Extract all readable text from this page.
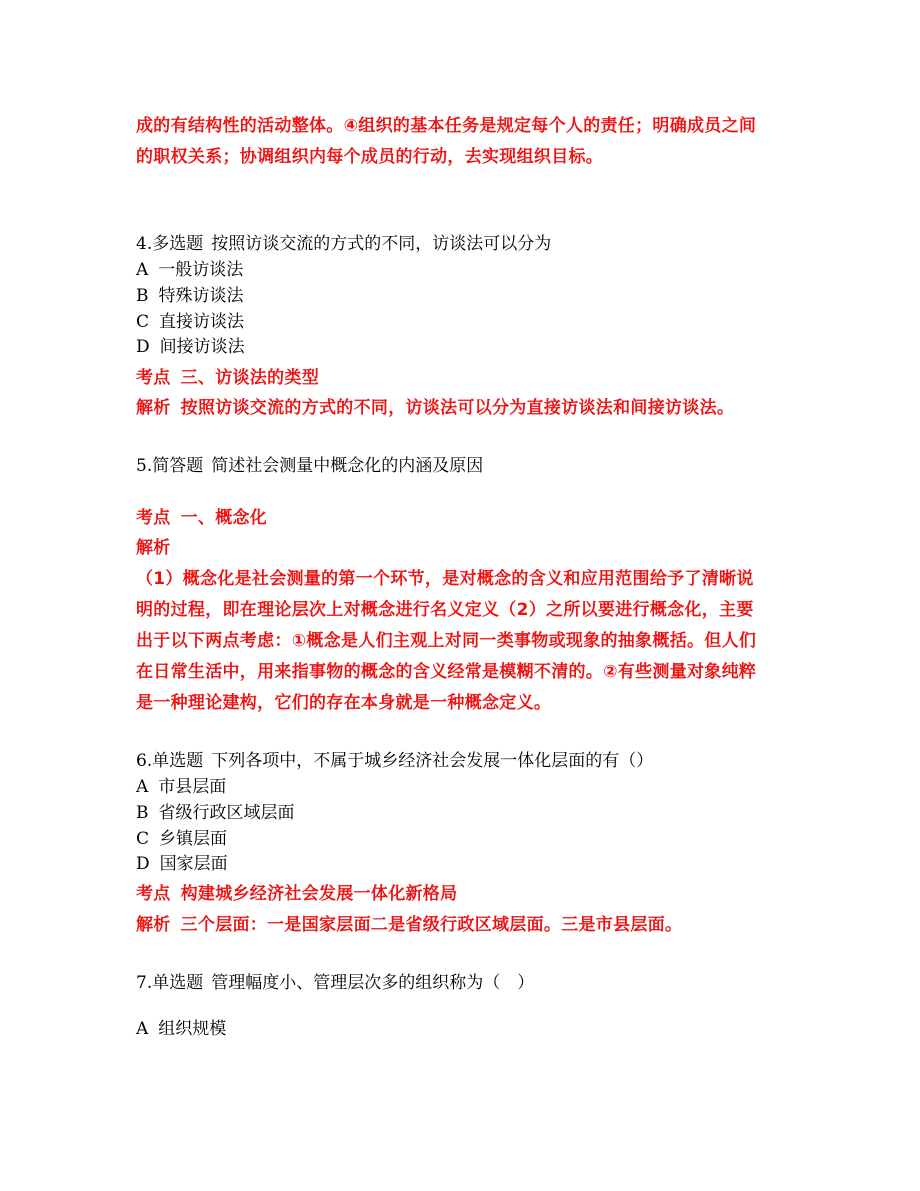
成的有结构性的活动整体。④组织的基本任务是规定每个人的责任；明确成员之间
的职权关系；协调组织内每个成员的行动，去实现组织目标。
4.多选题 按照访谈交流的方式的不同，访谈法可以分为
A 一般访谈法
B 特殊访谈法
C 直接访谈法
D 间接访谈法
考点 三、访谈法的类型
解析 按照访谈交流的方式的不同，访谈法可以分为直接访谈法和间接访谈法。
5.简答题 简述社会测量中概念化的内涵及原因
考点 一、概念化
解析
（1）概念化是社会测量的第一个环节，是对概念的含义和应用范围给予了清晰说
明的过程，即在理论层次上对概念进行名义定义（2）之所以要进行概念化，主要
出于以下两点考虑：①概念是人们主观上对同一类事物或现象的抽象概括。但人们
在日常生活中，用来指事物的概念的含义经常是模糊不清的。②有些测量对象纯粹
是一种理论建构，它们的存在本身就是一种概念定义。
6.单选题 下列各项中，不属于城乡经济社会发展一体化层面的有（）
A 市县层面
B 省级行政区域层面
C 乡镇层面
D 国家层面
考点 构建城乡经济社会发展一体化新格局
解析 三个层面：一是国家层面二是省级行政区域层面。三是市县层面。
7.单选题 管理幅度小、管理层次多的组织称为（　）
A 组织规模
